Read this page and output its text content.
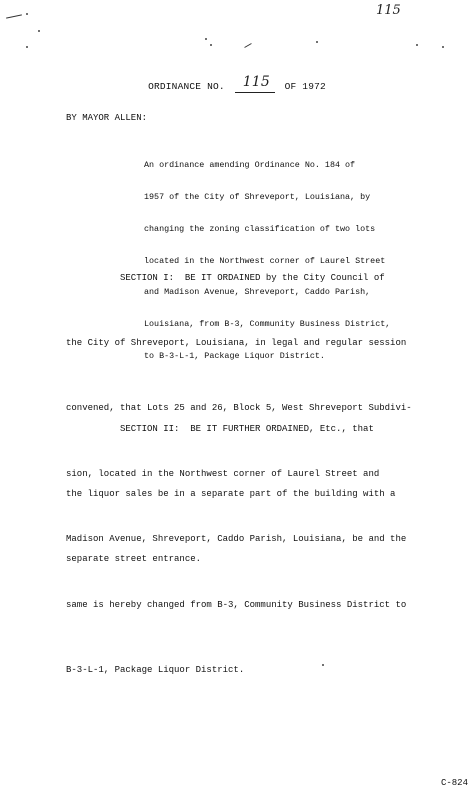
115
ORDINANCE NO. 115 OF 1972
BY MAYOR ALLEN:

An ordinance amending Ordinance No. 184 of

1957 of the City of Shreveport, Louisiana, by

changing the zoning classification of two lots

located in the Northwest corner of Laurel Street

and Madison Avenue, Shreveport, Caddo Parish,

Louisiana, from B-3, Community Business District,

to B-3-L-1, Package Liquor District.

SECTION I:  BE IT ORDAINED by the City Council of

the City of Shreveport, Louisiana, in legal and regular session

convened, that Lots 25 and 26, Block 5, West Shreveport Subdivi-

sion, located in the Northwest corner of Laurel Street and

Madison Avenue, Shreveport, Caddo Parish, Louisiana, be and the

same is hereby changed from B-3, Community Business District to

B-3-L-1, Package Liquor District.

SECTION II:  BE IT FURTHER ORDAINED, Etc., that

the liquor sales be in a separate part of the building with a

separate street entrance.

C-824
